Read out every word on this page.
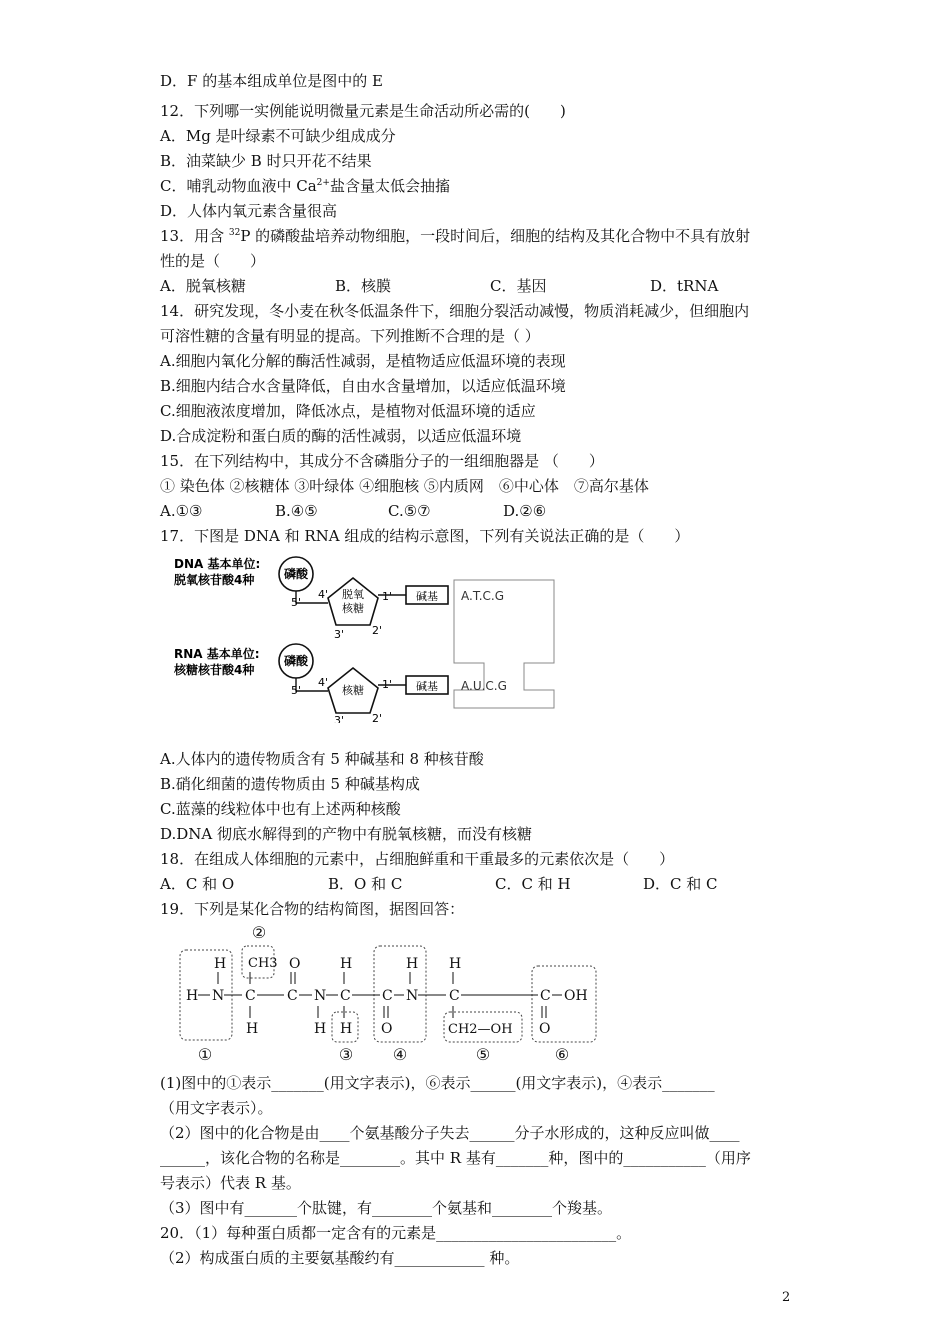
D．F 的基本组成单位是图中的 E
12．下列哪一实例能说明微量元素是生命活动所必需的(　　)
A．Mg 是叶绿素不可缺少组成成分
B．油菜缺少 B 时只开花不结果
C．哺乳动物血液中 $Ca^{2+}$盐含量太低会抽搐
D．人体内氧元素含量很高
13．用含 $^{32}$P 的磷酸盐培养动物细胞，一段时间后，细胞的结构及其化合物中不具有放射
性的是（　　）
A．脱氧核糖	B．核膜	C．基因	D．tRNA
14．研究发现，冬小麦在秋冬低温条件下，细胞分裂活动减慢，物质消耗减少，但细胞内
可溶性糖的含量有明显的提高。下列推断不合理的是（ ）
A.细胞内氧化分解的酶活性减弱，是植物适应低温环境的表现
B.细胞内结合水含量降低，自由水含量增加，以适应低温环境
C.细胞液浓度增加，降低冰点，是植物对低温环境的适应
D.合成淀粉和蛋白质的酶的活性减弱，以适应低温环境
15．在下列结构中，其成分不含磷脂分子的一组细胞器是 （　　）
① 染色体 ②核糖体 ③叶绿体 ④细胞核 ⑤内质网　⑥中心体　⑦高尔基体
A.①③	B.④⑤	C.⑤⑦	D.②⑥
17．下图是 DNA 和 RNA 组成的结构示意图，下列有关说法正确的是（　　）
DNA 基本单位:
脱氧核苷酸4种 磷酸
5'
4' 脱氧
核糖
3'	2'
1' 碱基 A.T.C.G
RNA 基本单位:
核糖核苷酸4种
磷酸
5'
4'
核糖
3'	2'
1' 碱基 A.U.C.G
A.人体内的遗传物质含有 5 种碱基和 8 种核苷酸
B.硝化细菌的遗传物质由 5 种碱基构成
C.蓝藻的线粒体中也有上述两种核酸
D.DNA 彻底水解得到的产物中有脱氧核糖，而没有核糖
18．在组成人体细胞的元素中，占细胞鲜重和干重最多的元素依次是（　　）
A．C 和 O	B．O 和 C	C．C 和 H	D．C 和 C
19．下列是某化合物的结构简图，据图回答：
②
H CH3 O	H	H H
H N C C N C C N C	C OH
H	H H O	CH2—OH O
①	③ ④	⑤	⑥
(1)图中的①表示_______(用文字表示)，⑥表示______(用文字表示)，④表示_______
（用文字表示）。
（2）图中的化合物是由____个氨基酸分子失去______分子水形成的，这种反应叫做____
______，该化合物的名称是________。其中 R 基有_______种，图中的___________（用序
号表示）代表 R 基。
（3）图中有_______个肽键，有________个氨基和________个羧基。
20．（1）每种蛋白质都一定含有的元素是________________________。
（2）构成蛋白质的主要氨基酸约有____________ 种。
2
